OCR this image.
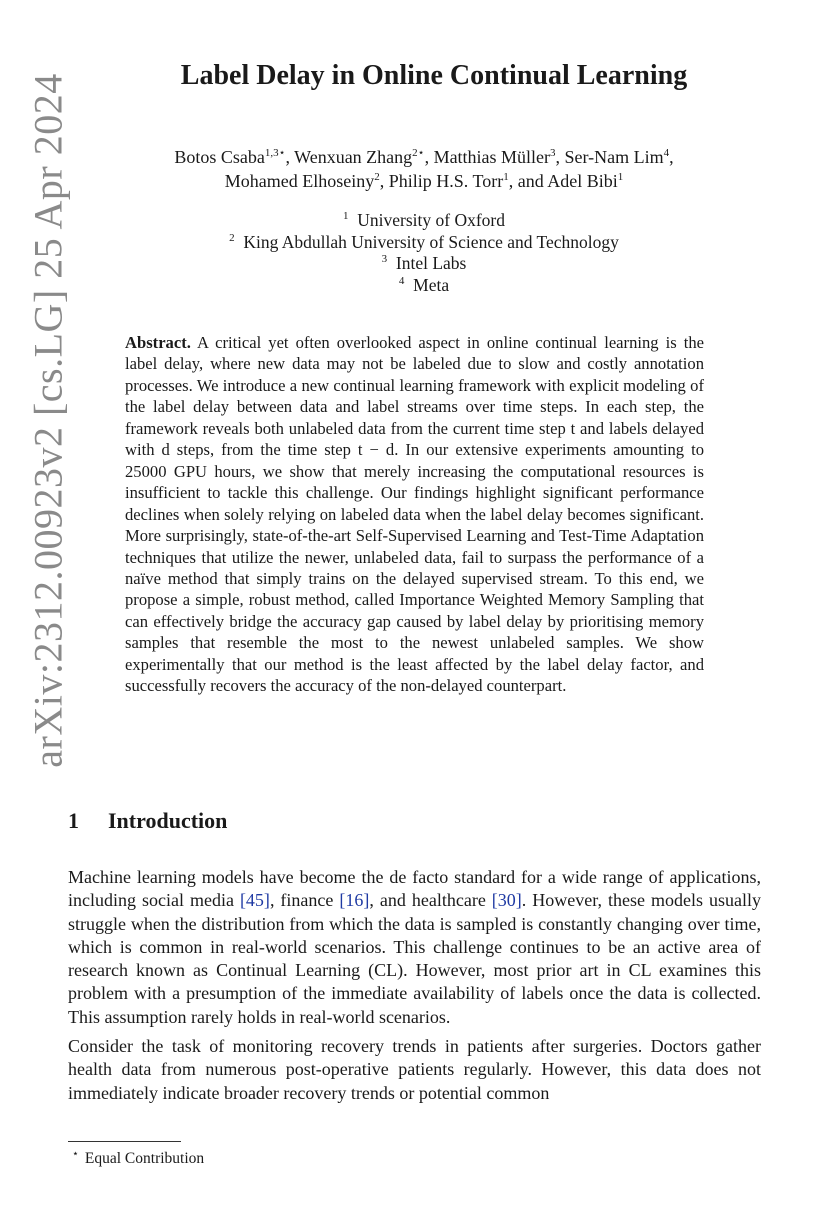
arXiv:2312.00923v2 [cs.LG] 25 Apr 2024	Label Delay in Online Continual Learning
Botos Csaba$^{1,3⋆}$, Wenxuan Zhang$^{2⋆}$, Matthias Müller$^3$, Ser-Nam Lim$^4$,
Mohamed Elhoseiny$^2$, Philip H.S. Torr$^1$, and Adel Bibi$^1$
$^1$ University of Oxford
$^2$ King Abdullah University of Science and Technology
$^3$ Intel Labs
$^4$ Meta

Abstract. A critical yet often overlooked aspect in online continual learning is the label delay, where new data may not be labeled due to slow and costly annotation processes. We introduce a new continual learning framework with explicit modeling of the label delay between data and label streams over time steps. In each step, the framework reveals both unlabeled data from the current time step t and labels delayed with d steps, from the time step t − d. In our extensive experiments amounting to 25000 GPU hours, we show that merely increasing the computational resources is insufficient to tackle this challenge. Our findings highlight significant performance declines when solely relying on labeled data when the label delay becomes significant. More surprisingly, state-of-the-art Self-Supervised Learning and Test-Time Adaptation techniques that utilize the newer, unlabeled data, fail to surpass the performance of a naïve method that simply trains on the delayed supervised stream. To this end, we propose a simple, robust method, called Importance Weighted Memory Sampling that can effectively bridge the accuracy gap caused by label delay by prioritising memory samples that resemble the most to the newest unlabeled samples. We show experimentally that our method is the least affected by the label delay factor, and successfully recovers the accuracy of the non-delayed counterpart.

1 Introduction

Machine learning models have become the de facto standard for a wide range of applications, including social media [45], finance [16], and healthcare [30]. However, these models usually struggle when the distribution from which the data is sampled is constantly changing over time, which is common in real-world scenarios. This challenge continues to be an active area of research known as Continual Learning (CL). However, most prior art in CL examines this problem with a presumption of the immediate availability of labels once the data is collected. This assumption rarely holds in real-world scenarios.

Consider the task of monitoring recovery trends in patients after surgeries. Doctors gather health data from numerous post-operative patients regularly. However, this data does not immediately indicate broader recovery trends or potential common

⋆ Equal Contribution
